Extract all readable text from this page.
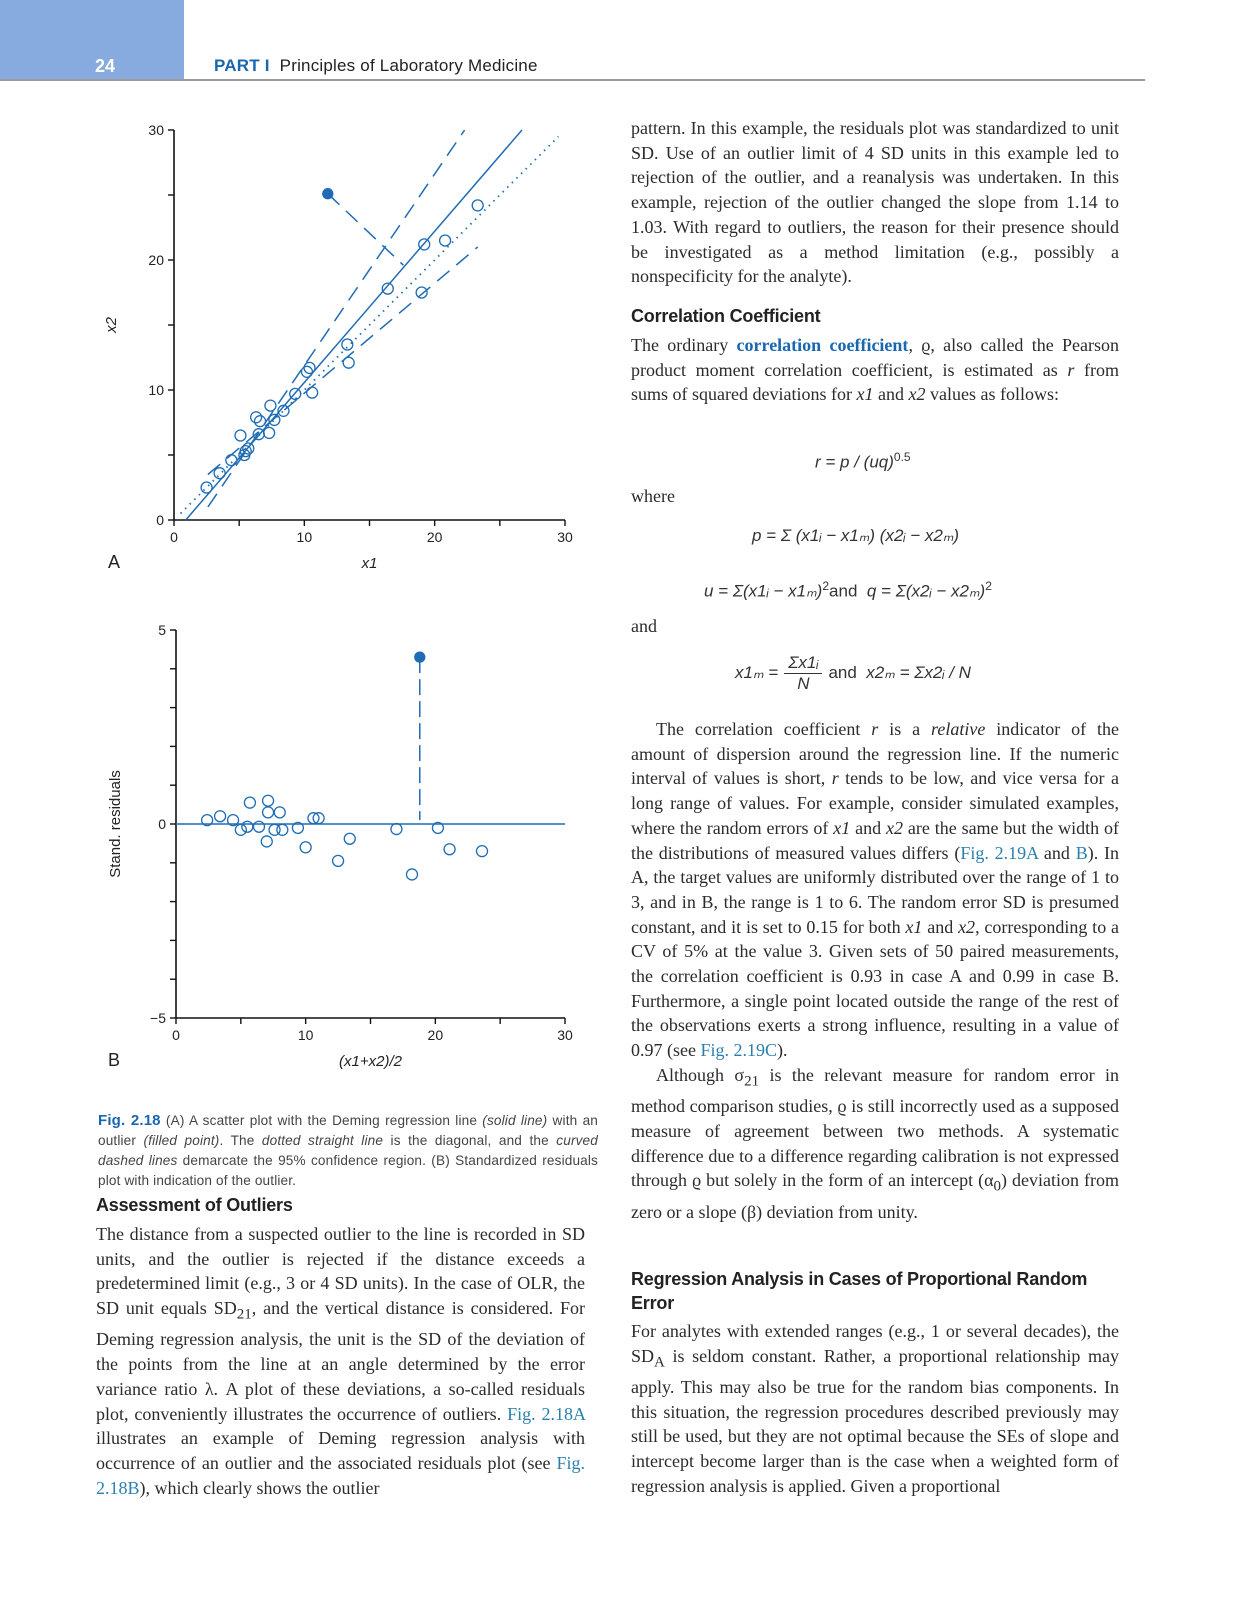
24	PART I Principles of Laboratory Medicine
0	10	20	30
0
10
20
30
x1
x2
A
0	10	20	30
−5
0
5
(x1+x2)/2
Stand. residuals
B
Fig. 2.18 (A) A scatter plot with the Deming regression line (solid line) with an outlier (filled point). The dotted straight line is the diagonal, and the curved dashed lines demarcate the 95% confidence region. (B) Standardized residuals plot with indication of the outlier.
Assessment of Outliers

The distance from a suspected outlier to the line is recorded in SD units, and the outlier is rejected if the distance exceeds a predetermined limit (e.g., 3 or 4 SD units). In the case of OLR, the SD unit equals $SD_{21}$, and the vertical distance is considered. For Deming regression analysis, the unit is the SD of the deviation of the points from the line at an angle determined by the error variance ratio λ. A plot of these deviations, a so-called residuals plot, conveniently illustrates the occurrence of outliers. Fig. 2.18A illustrates an example of Deming regression analysis with occurrence of an outlier and the associated residuals plot (see Fig. 2.18B), which clearly shows the outlier

pattern. In this example, the residuals plot was standardized to unit SD. Use of an outlier limit of 4 SD units in this example led to rejection of the outlier, and a reanalysis was undertaken. In this example, rejection of the outlier changed the slope from 1.14 to 1.03. With regard to outliers, the reason for their presence should be investigated as a method limitation (e.g., possibly a nonspecificity for the analyte).

Correlation Coefficient

The ordinary correlation coefficient, ϱ, also called the Pearson product moment correlation coefficient, is estimated as r from sums of squared deviations for x1 and x2 values as follows:

r = p / (uq)$^{0.5}$
where
p = Σ (x1ᵢ − x1ₘ) (x2ᵢ − x2ₘ)
u = Σ(x1ᵢ − x1ₘ)$^2$and q = Σ(x2ᵢ − x2ₘ)$^2$
and
$x1_m = \frac{\text{Σx1ᵢ}}{N}$ and x2ₘ = Σx2ᵢ / N

The correlation coefficient r is a relative indicator of the amount of dispersion around the regression line. If the numeric interval of values is short, r tends to be low, and vice versa for a long range of values. For example, consider simulated examples, where the random errors of x1 and x2 are the same but the width of the distributions of measured values differs (Fig. 2.19A and B). In A, the target values are uniformly distributed over the range of 1 to 3, and in B, the range is 1 to 6. The random error SD is presumed constant, and it is set to 0.15 for both x1 and x2, corresponding to a CV of 5% at the value 3. Given sets of 50 paired measurements, the correlation coefficient is 0.93 in case A and 0.99 in case B. Furthermore, a single point located outside the range of the rest of the observations exerts a strong influence, resulting in a value of 0.97 (see Fig. 2.19C).

Although $\sigma_{21}$ is the relevant measure for random error in method comparison studies, ϱ is still incorrectly used as a supposed measure of agreement between two methods. A systematic difference due to a difference regarding calibration is not expressed through ϱ but solely in the form of an intercept $(\alpha_0)$ deviation from zero or a slope (β) deviation from unity.

Regression Analysis in Cases of Proportional Random Error

For analytes with extended ranges (e.g., 1 or several decades), the $SD_A$ is seldom constant. Rather, a proportional relationship may apply. This may also be true for the random bias components. In this situation, the regression procedures described previously may still be used, but they are not optimal because the SEs of slope and intercept become larger than is the case when a weighted form of regression analysis is applied. Given a proportional
